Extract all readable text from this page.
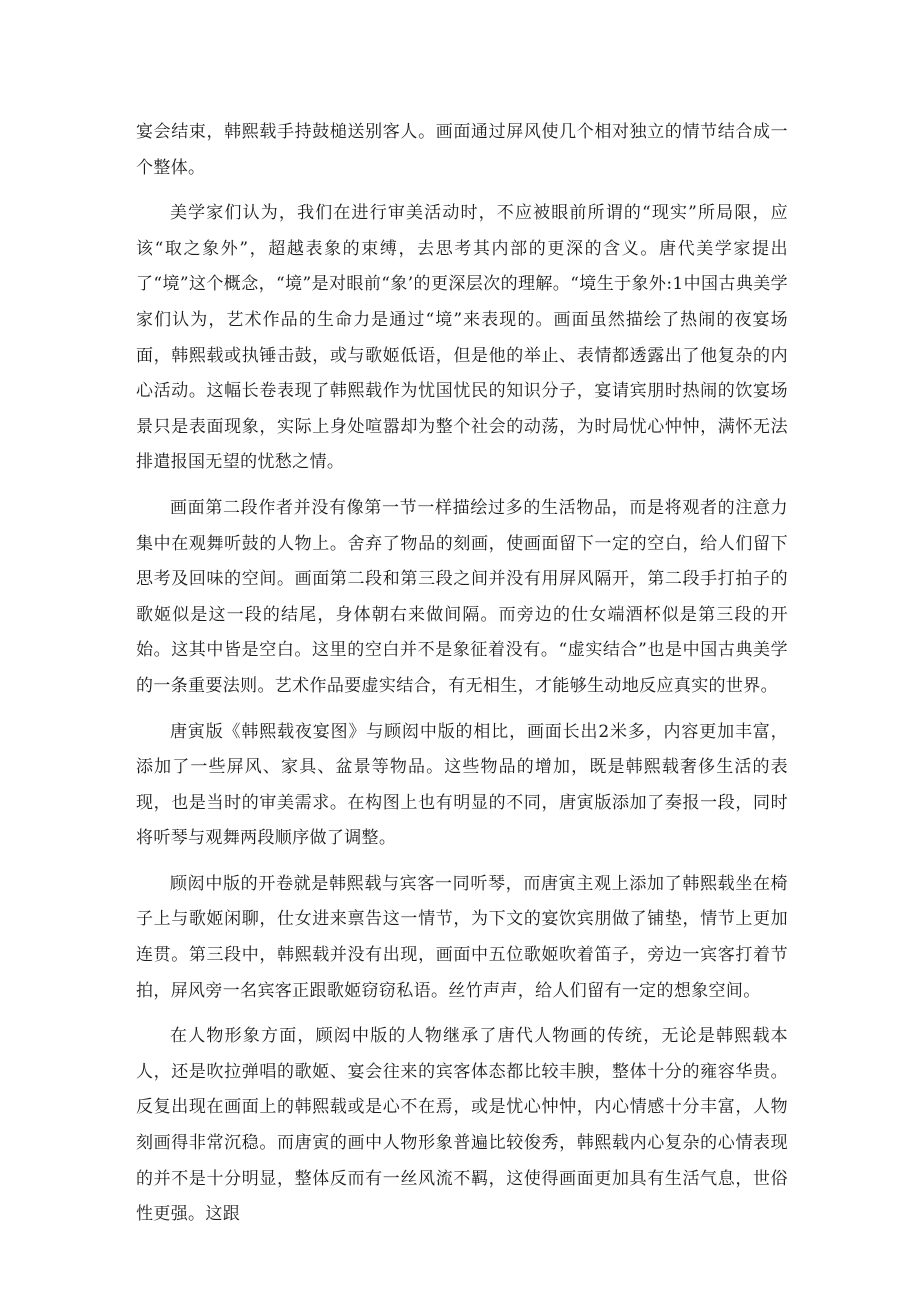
宴会结束，韩熙载手持鼓槌送别客人。画面通过屏风使几个相对独立的情节结合成一个整体。

美学家们认为，我们在进行审美活动时，不应被眼前所谓的“现实”所局限，应该“取之象外”，超越表象的束缚，去思考其内部的更深的含义。唐代美学家提出了“境”这个概念，“境”是对眼前“象’的更深层次的理解。“境生于象外:1中国古典美学家们认为，艺术作品的生命力是通过“境”来表现的。画面虽然描绘了热闹的夜宴场面，韩熙载或执锤击鼓，或与歌姬低语，但是他的举止、表情都透露出了他复杂的内心活动。这幅长卷表现了韩熙载作为忧国忧民的知识分子，宴请宾朋时热闹的饮宴场景只是表面现象，实际上身处喧嚣却为整个社会的动荡，为时局忧心忡忡，满怀无法排遣报国无望的忧愁之情。

画面第二段作者并没有像第一节一样描绘过多的生活物品，而是将观者的注意力集中在观舞听鼓的人物上。舍弃了物品的刻画，使画面留下一定的空白，给人们留下思考及回味的空间。画面第二段和第三段之间并没有用屏风隔开，第二段手打拍子的歌姬似是这一段的结尾，身体朝右来做间隔。而旁边的仕女端酒杯似是第三段的开始。这其中皆是空白。这里的空白并不是象征着没有。“虚实结合”也是中国古典美学的一条重要法则。艺术作品要虚实结合，有无相生，才能够生动地反应真实的世界。

唐寅版《韩熙载夜宴图》与顾闳中版的相比，画面长出2米多，内容更加丰富，添加了一些屏风、家具、盆景等物品。这些物品的增加，既是韩熙载奢侈生活的表现，也是当时的审美需求。在构图上也有明显的不同，唐寅版添加了奏报一段，同时将听琴与观舞两段顺序做了调整。

顾闳中版的开卷就是韩熙载与宾客一同听琴，而唐寅主观上添加了韩熙载坐在椅子上与歌姬闲聊，仕女进来禀告这一情节，为下文的宴饮宾朋做了铺垫，情节上更加连贯。第三段中，韩熙载并没有出现，画面中五位歌姬吹着笛子，旁边一宾客打着节拍，屏风旁一名宾客正跟歌姬窃窃私语。丝竹声声，给人们留有一定的想象空间。

在人物形象方面，顾闳中版的人物继承了唐代人物画的传统，无论是韩熙载本人，还是吹拉弹唱的歌姬、宴会往来的宾客体态都比较丰腴，整体十分的雍容华贵。反复出现在画面上的韩熙载或是心不在焉，或是忧心忡忡，内心情感十分丰富，人物刻画得非常沉稳。而唐寅的画中人物形象普遍比较俊秀，韩熙载内心复杂的心情表现的并不是十分明显，整体反而有一丝风流不羁，这使得画面更加具有生活气息，世俗性更强。这跟
